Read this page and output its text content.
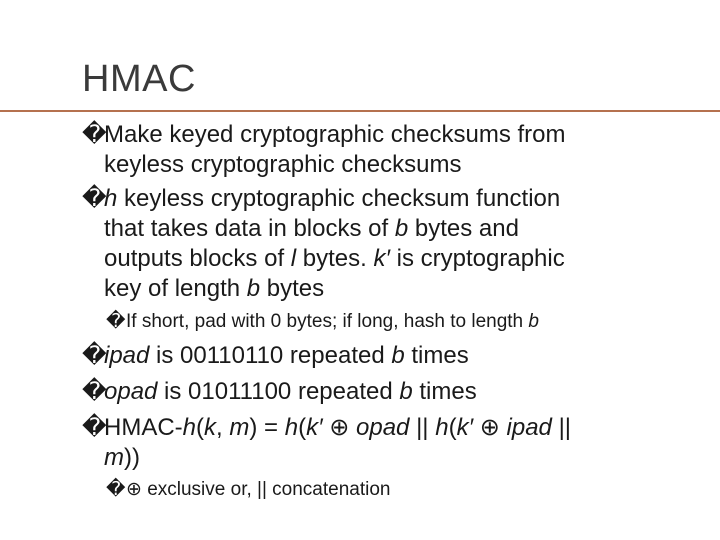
HMAC
�Make keyed cryptographic checksums from
keyless cryptographic checksums
�h keyless cryptographic checksum function
that takes data in blocks of b bytes and
outputs blocks of l bytes. k′ is cryptographic
key of length b bytes
�If short, pad with 0 bytes; if long, hash to length b
�ipad is 00110110 repeated b times
�opad is 01011100 repeated b times
�HMAC-h(k, m) = h(k′ ⊕ opad || h(k′ ⊕ ipad ||
m))
�⊕ exclusive or, || concatenation
